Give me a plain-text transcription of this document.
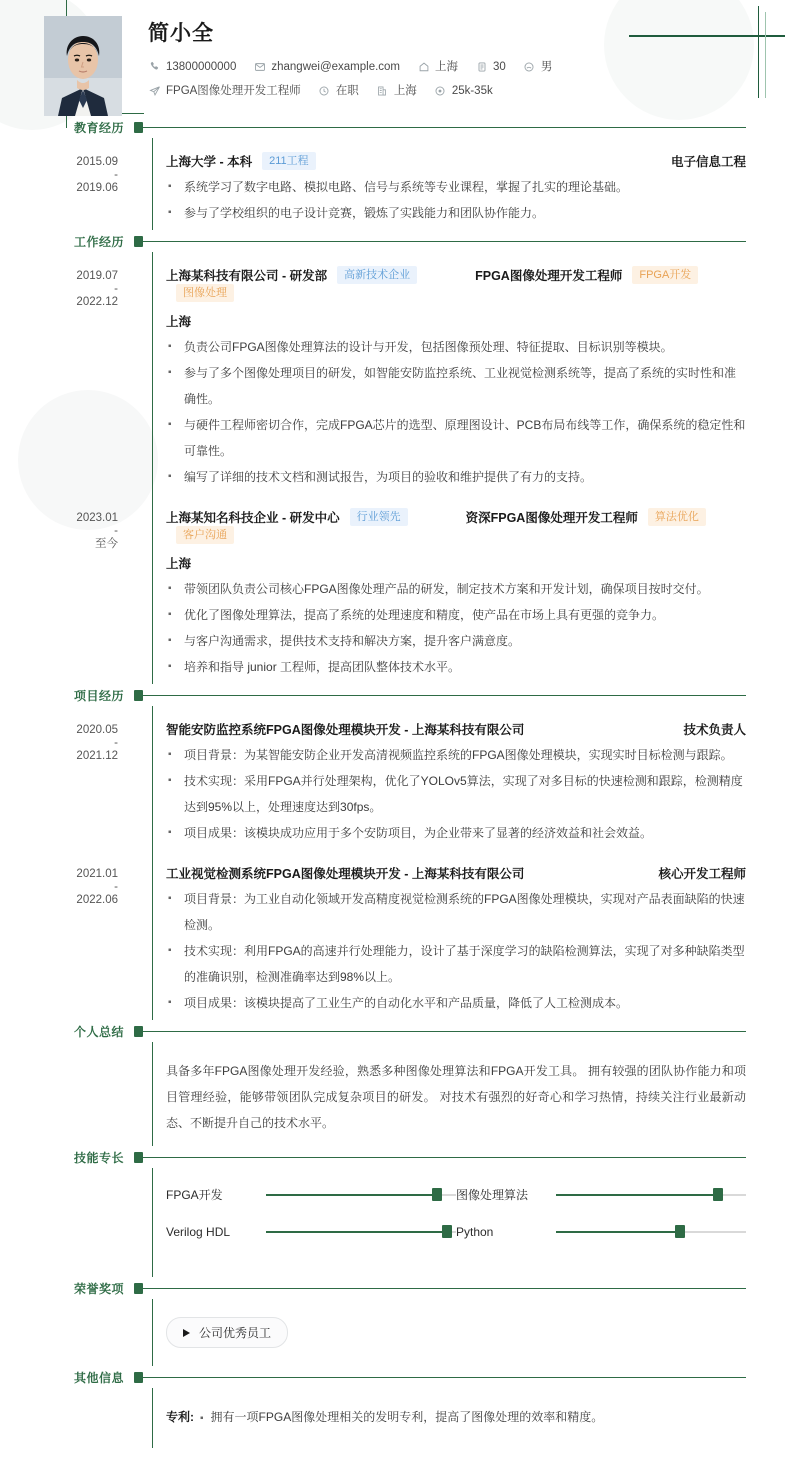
简小全
13800000000	zhangwei@example.com	上海	30	男
FPGA图像处理开发工程师	在职	上海	25k-35k
教育经历
2015.09
-
2019.06
上海大学 - 本科	211工程	电子信息工程
▪ 系统学习了数字电路、模拟电路、信号与系统等专业课程，掌握了扎实的理论基础。
▪ 参与了学校组织的电子设计竞赛，锻炼了实践能力和团队协作能力。
工作经历
2019.07
-
2022.12
上海某科技有限公司 - 研发部	高新技术企业	FPGA图像处理开发工程师	FPGA开发
图像处理
上海
▪ 负责公司FPGA图像处理算法的设计与开发，包括图像预处理、特征提取、目标识别等模块。
▪ 参与了多个图像处理项目的研发，如智能安防监控系统、工业视觉检测系统等，提高了系统的实时性和准确性。
▪ 与硬件工程师密切合作，完成FPGA芯片的选型、原理图设计、PCB布局布线等工作，确保系统的稳定性和可靠性。
▪ 编写了详细的技术文档和测试报告，为项目的验收和维护提供了有力的支持。
2023.01
-
至今
上海某知名科技企业 - 研发中心	行业领先	资深FPGA图像处理开发工程师	算法优化
客户沟通
上海
▪ 带领团队负责公司核心FPGA图像处理产品的研发，制定技术方案和开发计划，确保项目按时交付。
▪ 优化了图像处理算法，提高了系统的处理速度和精度，使产品在市场上具有更强的竞争力。
▪ 与客户沟通需求，提供技术支持和解决方案，提升客户满意度。
▪ 培养和指导 junior 工程师，提高团队整体技术水平。
项目经历
2020.05
-
2021.12
智能安防监控系统FPGA图像处理模块开发 - 上海某科技有限公司	技术负责人
▪ 项目背景：为某智能安防企业开发高清视频监控系统的FPGA图像处理模块，实现实时目标检测与跟踪。
▪ 技术实现：采用FPGA并行处理架构，优化了YOLOv5算法，实现了对多目标的快速检测和跟踪，检测精度达到95%以上，处理速度达到30fps。
▪ 项目成果：该模块成功应用于多个安防项目，为企业带来了显著的经济效益和社会效益。
2021.01
-
2022.06
工业视觉检测系统FPGA图像处理模块开发 - 上海某科技有限公司	核心开发工程师
▪ 项目背景：为工业自动化领域开发高精度视觉检测系统的FPGA图像处理模块，实现对产品表面缺陷的快速检测。
▪ 技术实现：利用FPGA的高速并行处理能力，设计了基于深度学习的缺陷检测算法，实现了对多种缺陷类型的准确识别，检测准确率达到98%以上。
▪ 项目成果：该模块提高了工业生产的自动化水平和产品质量，降低了人工检测成本。
个人总结
具备多年FPGA图像处理开发经验，熟悉多种图像处理算法和FPGA开发工具。 拥有较强的团队协作能力和项目管理经验，能够带领团队完成复杂项目的研发。 对技术有强烈的好奇心和学习热情，持续关注行业最新动态、不断提升自己的技术水平。
技能专长
FPGA开发	图像处理算法
Verilog HDL	Python
荣誉奖项
公司优秀员工
其他信息
专利: ▪ 拥有一项FPGA图像处理相关的发明专利，提高了图像处理的效率和精度。
